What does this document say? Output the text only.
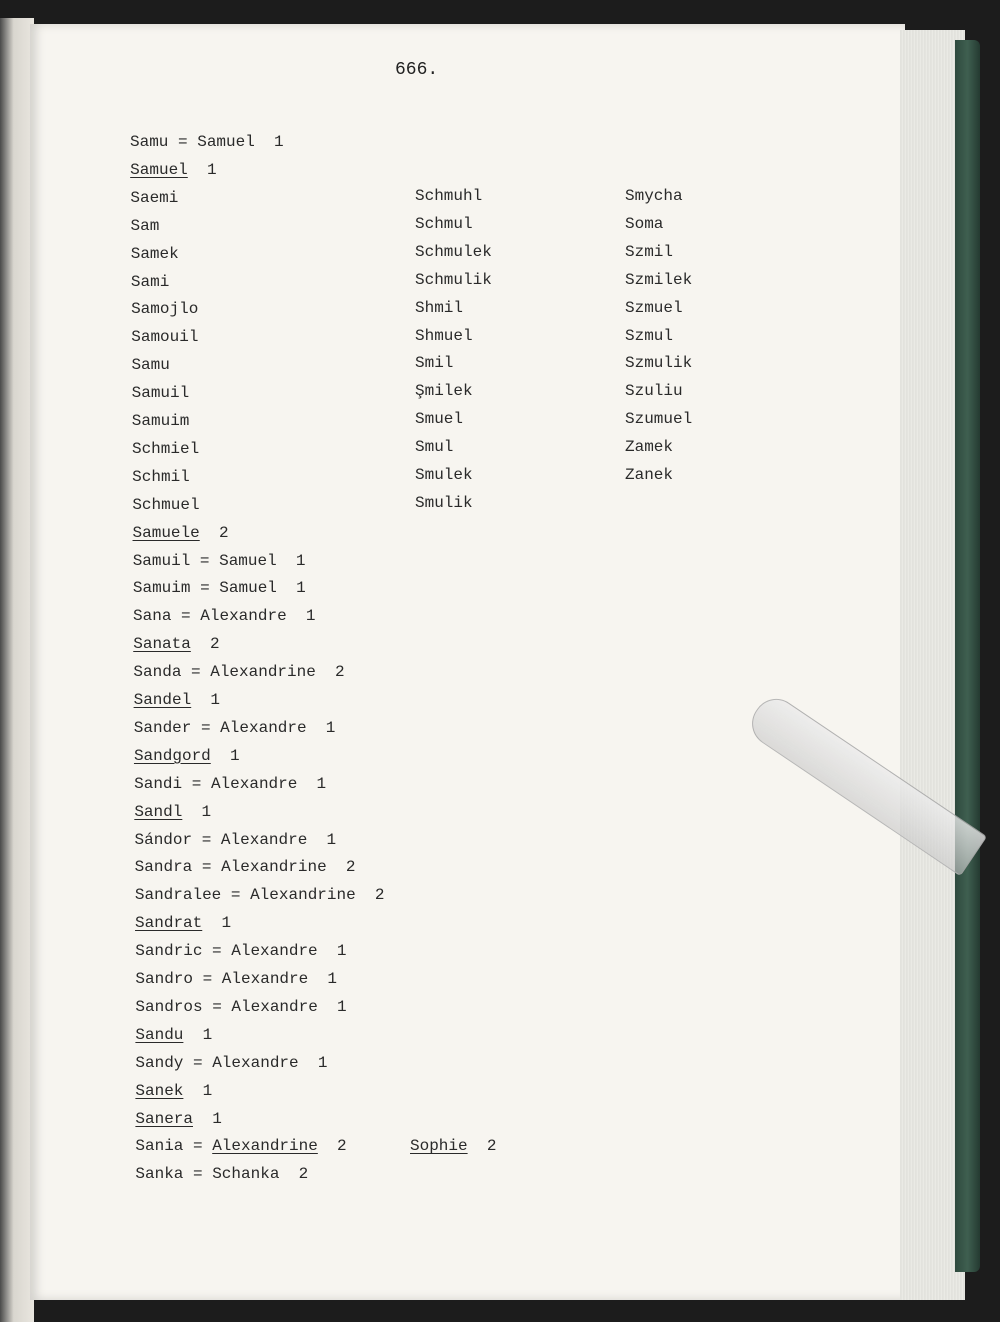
666.
Samu = Samuel  1
Samuel  1
Saemi
Sam
Samek
Sami
Samojlo
Samouil
Samu
Samuil
Samuim
Schmiel
Schmil
Schmuel
Samuele  2
Samuil = Samuel  1
Samuim = Samuel  1
Sana = Alexandre  1
Sanata  2
Sanda = Alexandrine  2
Sandel  1
Sander = Alexandre  1
Sandgord  1
Sandi = Alexandre  1
Sandl  1
Sándor = Alexandre  1
Sandra = Alexandrine  2
Sandralee = Alexandrine  2
Sandrat  1
Sandric = Alexandre  1
Sandro = Alexandre  1
Sandros = Alexandre  1
Sandu  1
Sandy = Alexandre  1
Sanek  1
Sanera  1
Sania = Alexandrine  2
Sanka = Schanka  2
Schmuhl
Schmul
Schmulek
Schmulik
Shmil
Shmuel
Smil
Şmilek
Smuel
Smul
Smulek
Smulik
Smycha
Soma
Szmil
Szmilek
Szmuel
Szmul
Szmulik
Szuliu
Szumuel
Zamek
Zanek
Sophie 2
